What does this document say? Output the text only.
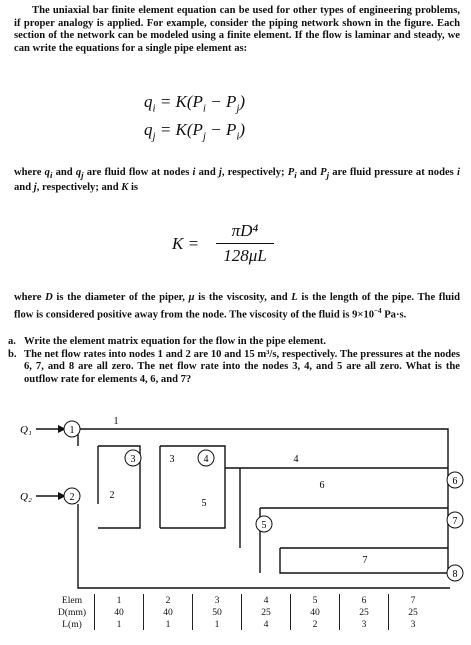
The uniaxial bar finite element equation can be used for other types of engineering problems, if proper analogy is applied. For example, consider the piping network shown in the figure. Each section of the network can be modeled using a finite element. If the flow is laminar and steady, we can write the equations for a single pipe element as:
$q_i = K(P_i - P_j)$
$q_j = K(P_j - P_i)$
where $q_i$ and $q_j$ are fluid flow at nodes i and j, respectively; $P_i$ and $P_j$ are fluid pressure at nodes i and j, respectively; and K is
$K = \frac{\text{πD⁴}}{128\mu L}$
where D is the diameter of the piper, μ is the viscosity, and L is the length of the pipe. The fluid flow is considered positive away from the node. The viscosity of the fluid is $9\times 10^{-4}$ Pa·s.
a. Write the element matrix equation for the flow in the pipe element.
b. The net flow rates into nodes 1 and 2 are 10 and 15 m³/s, respectively. The pressures at the nodes 6, 7, and 8 are all zero. The net flow rate into the nodes 3, 4, and 5 are all zero. What is the outflow rate for elements 4, 6, and 7?
Q₁
Q₂
1
2
3	4
5
6
7
8
1
2
3	4
5
6
7
Elem	1	2	3	4	5	6	7
D(mm)	40	40	50	25	40	25	25
L(m)	1	1	1	4	2	3	3
